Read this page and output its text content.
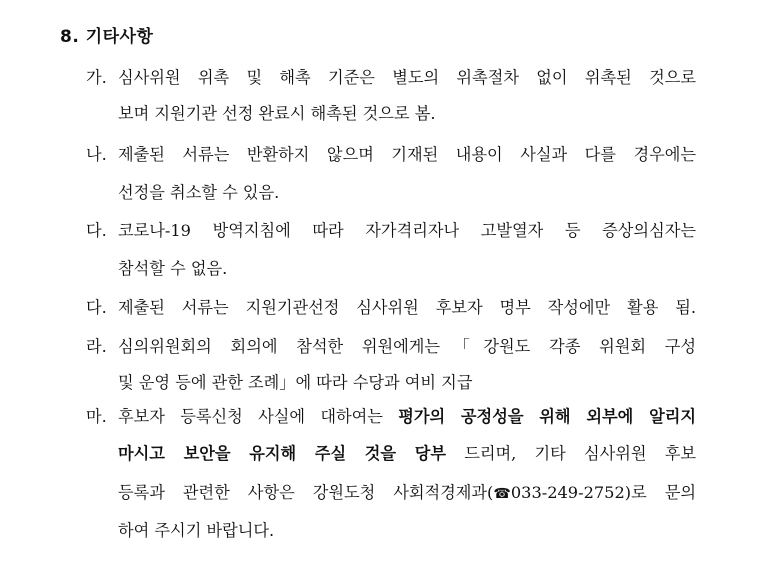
8. 기타사항
가. 심사위원 위촉 및 해촉 기준은 별도의 위촉절차 없이 위촉된 것으로
보며 지원기관 선정 완료시 해촉된 것으로 봄.
나. 제출된 서류는 반환하지 않으며 기재된 내용이 사실과 다를 경우에는
선정을 취소할 수 있음.
다. 코로나-19 방역지침에 따라 자가격리자나 고발열자 등 증상의심자는
참석할 수 없음.
다. 제출된 서류는 지원기관선정 심사위원 후보자 명부 작성에만 활용 됨.
라. 심의위원회의 회의에 참석한 위원에게는「강원도 각종 위원회 구성
및 운영 등에 관한 조례」에 따라 수당과 여비 지급
마. 후보자 등록신청 사실에 대하여는 평가의 공정성을 위해 외부에 알리지
마시고 보안을 유지해 주실 것을 당부 드리며, 기타 심사위원 후보
등록과 관련한 사항은 강원도청 사회적경제과(☎033-249-2752)로 문의
하여 주시기 바랍니다.
